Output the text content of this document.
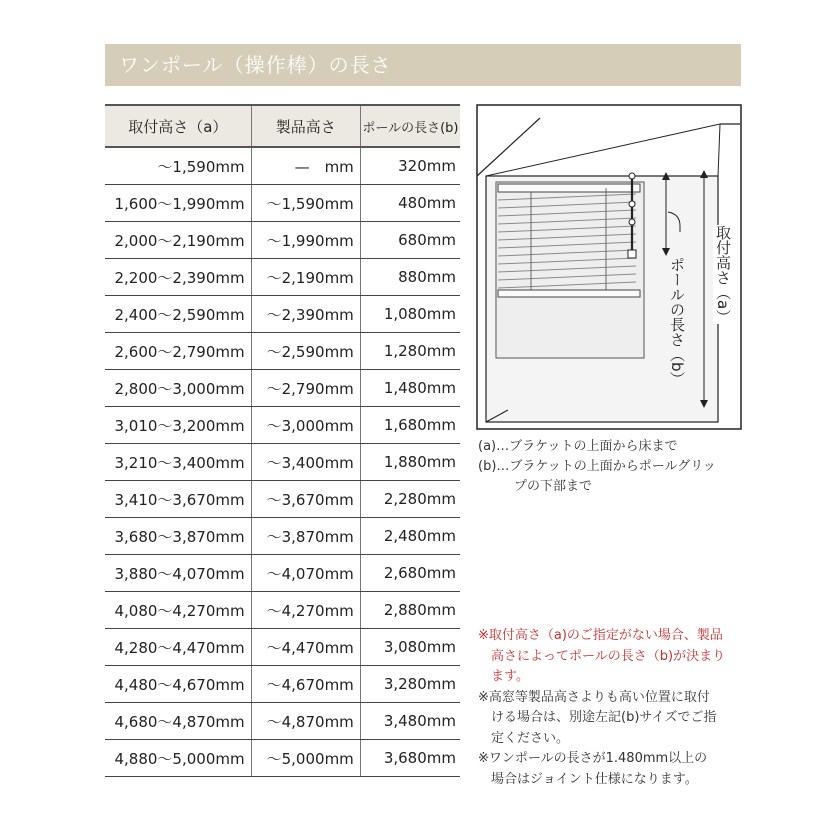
ワンポール（操作棒）の長さ
取付高さ（a）	製品高さ	ポールの長さ(b)
〜1,590mm	—　mm	320mm
1,600〜1,990mm	〜1,590mm	480mm
2,000〜2,190mm	〜1,990mm	680mm
2,200〜2,390mm	〜2,190mm	880mm
2,400〜2,590mm	〜2,390mm	1,080mm
2,600〜2,790mm	〜2,590mm	1,280mm
2,800〜3,000mm	〜2,790mm	1,480mm
3,010〜3,200mm	〜3,000mm	1,680mm
3,210〜3,400mm	〜3,400mm	1,880mm
3,410〜3,670mm	〜3,670mm	2,280mm
3,680〜3,870mm	〜3,870mm	2,480mm
3,880〜4,070mm	〜4,070mm	2,680mm
4,080〜4,270mm	〜4,270mm	2,880mm
4,280〜4,470mm	〜4,470mm	3,080mm
4,480〜4,670mm	〜4,670mm	3,280mm
4,680〜4,870mm	〜4,870mm	3,480mm
4,880〜5,000mm	〜5,000mm	3,680mm
取付高さ（a）
ポールの長さ（b）
(a)…ブラケットの上面から床まで
(b)…ブラケットの上面からポールグリッ
プの下部まで
※取付高さ（a)のご指定がない場合、製品
高さによってポールの長さ（b)が決まり
ます。
※高窓等製品高さよりも高い位置に取付
ける場合は、別途左記(b)サイズでご指
定ください。
※ワンポールの長さが1.480mm以上の
場合はジョイント仕様になります。
